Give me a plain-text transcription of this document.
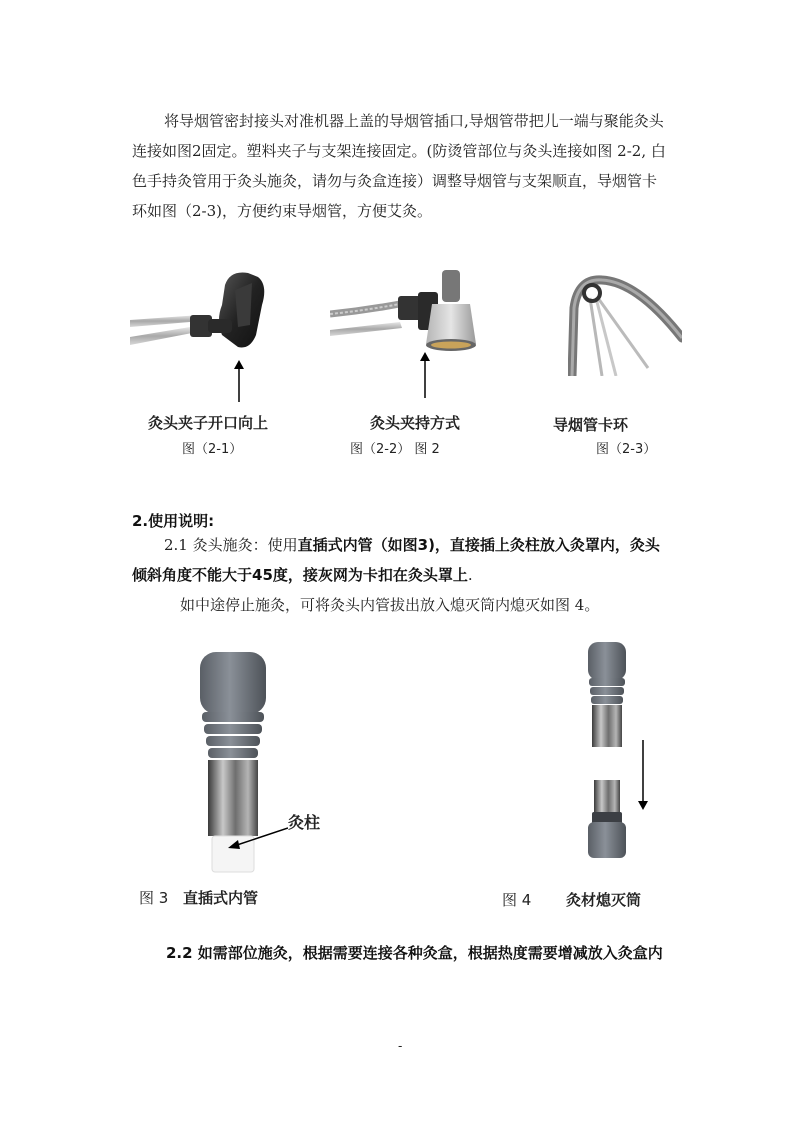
将导烟管密封接头对准机器上盖的导烟管插口,导烟管带把儿一端与聚能灸头

连接如图2固定。塑料夹子与支架连接固定。(防烫管部位与灸头连接如图 2-2, 白

色手持灸管用于灸头施灸，请勿与灸盒连接）调整导烟管与支架顺直，导烟管卡

环如图（2-3)，方便约束导烟管，方便艾灸。

灸头夹子开口向上
图（2-1）
灸头夹持方式
图（2-2） 图 2
导烟管卡环
图（2-3）
2.使用说明:

2.1 灸头施灸：使用直插式内管（如图3)，直接插上灸柱放入灸罩内，灸头

倾斜角度不能大于45度，接灰网为卡扣在灸头罩上.

如中途停止施灸，可将灸头内管拔出放入熄灭筒内熄灭如图 4。

灸柱
图 3 直插式内管	图 4 灸材熄灭筒
2.2 如需部位施灸，根据需要连接各种灸盒，根据热度需要增减放入灸盒内
-
